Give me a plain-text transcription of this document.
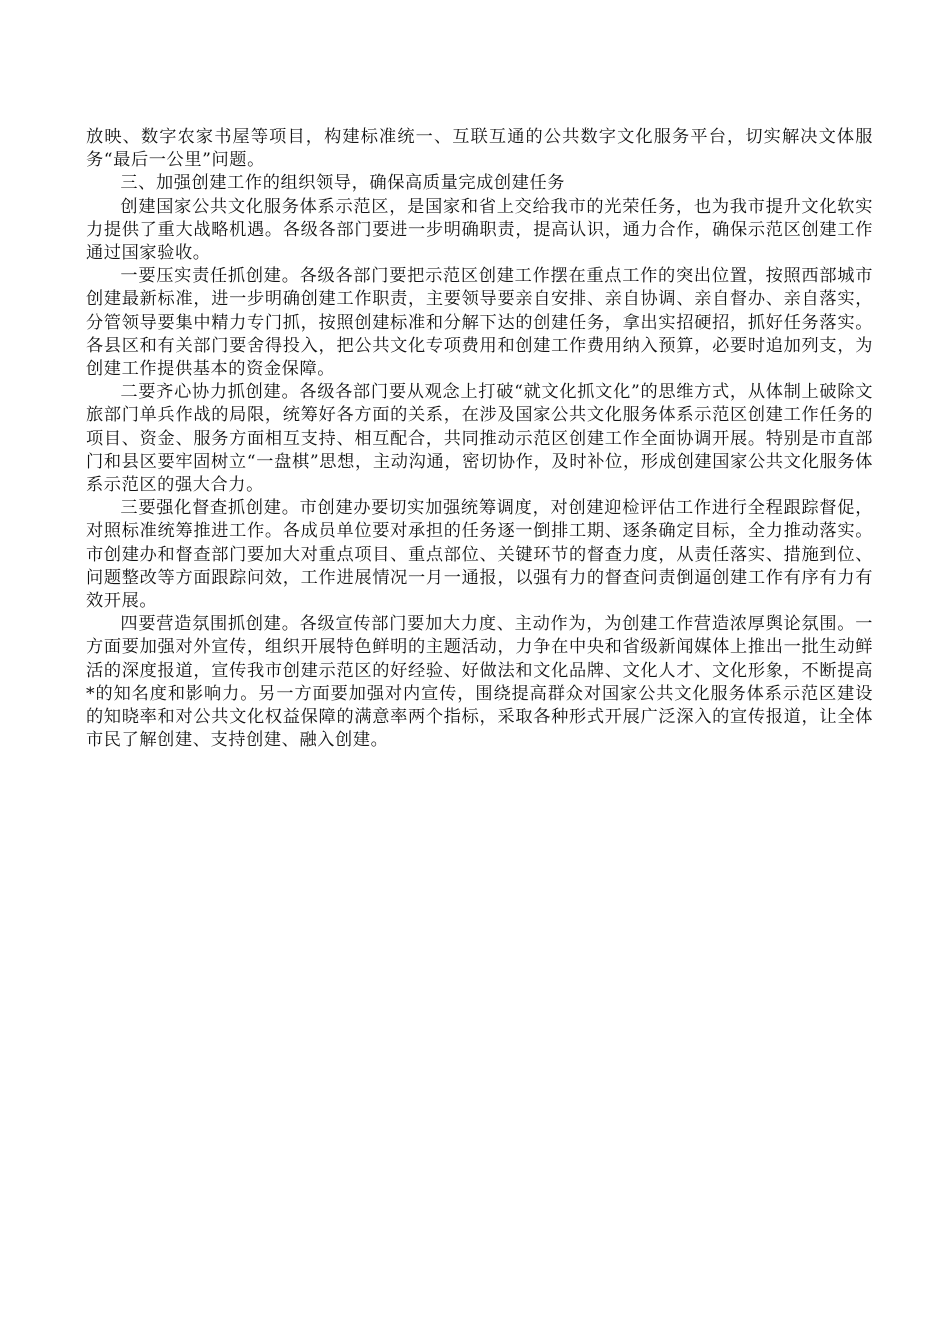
放映、数字农家书屋等项目，构建标准统一、互联互通的公共数字文化服务平台，切实解决文体服务“最后一公里”问题。

三、加强创建工作的组织领导，确保高质量完成创建任务

创建国家公共文化服务体系示范区，是国家和省上交给我市的光荣任务，也为我市提升文化软实力提供了重大战略机遇。各级各部门要进一步明确职责，提高认识，通力合作，确保示范区创建工作通过国家验收。

一要压实责任抓创建。各级各部门要把示范区创建工作摆在重点工作的突出位置，按照西部城市创建最新标准，进一步明确创建工作职责，主要领导要亲自安排、亲自协调、亲自督办、亲自落实，分管领导要集中精力专门抓，按照创建标准和分解下达的创建任务，拿出实招硬招，抓好任务落实。各县区和有关部门要舍得投入，把公共文化专项费用和创建工作费用纳入预算，必要时追加列支，为创建工作提供基本的资金保障。

二要齐心协力抓创建。各级各部门要从观念上打破“就文化抓文化”的思维方式，从体制上破除文旅部门单兵作战的局限，统筹好各方面的关系，在涉及国家公共文化服务体系示范区创建工作任务的项目、资金、服务方面相互支持、相互配合，共同推动示范区创建工作全面协调开展。特别是市直部门和县区要牢固树立“一盘棋”思想，主动沟通，密切协作，及时补位，形成创建国家公共文化服务体系示范区的强大合力。

三要强化督查抓创建。市创建办要切实加强统筹调度，对创建迎检评估工作进行全程跟踪督促，对照标准统筹推进工作。各成员单位要对承担的任务逐一倒排工期、逐条确定目标，全力推动落实。市创建办和督查部门要加大对重点项目、重点部位、关键环节的督查力度，从责任落实、措施到位、问题整改等方面跟踪问效，工作进展情况一月一通报，以强有力的督查问责倒逼创建工作有序有力有效开展。

四要营造氛围抓创建。各级宣传部门要加大力度、主动作为，为创建工作营造浓厚舆论氛围。一方面要加强对外宣传，组织开展特色鲜明的主题活动，力争在中央和省级新闻媒体上推出一批生动鲜活的深度报道，宣传我市创建示范区的好经验、好做法和文化品牌、文化人才、文化形象，不断提高*的知名度和影响力。另一方面要加强对内宣传，围绕提高群众对国家公共文化服务体系示范区建设的知晓率和对公共文化权益保障的满意率两个指标，采取各种形式开展广泛深入的宣传报道，让全体市民了解创建、支持创建、融入创建。
